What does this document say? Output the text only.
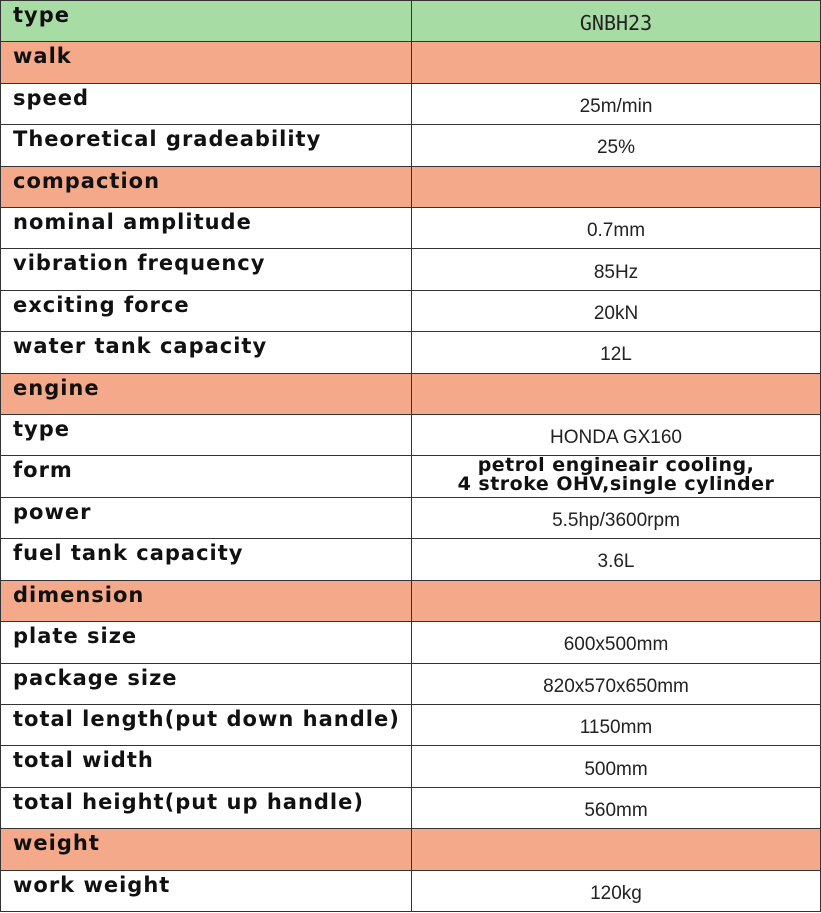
type	GNBH23
walk	
speed	25m/min
Theoretical gradeability	25%
compaction	
nominal amplitude	0.7mm
vibration frequency	85Hz
exciting force	20kN
water tank capacity	12L
engine	
type	HONDA GX160
form	petrol engineair cooling,
4 stroke OHV,single cylinder
power	5.5hp/3600rpm
fuel tank capacity	3.6L
dimension	
plate size	600x500mm
package size	820x570x650mm
total length(put down handle)	1150mm
total width	500mm
total height(put up handle)	560mm
weight	
work weight	120kg
